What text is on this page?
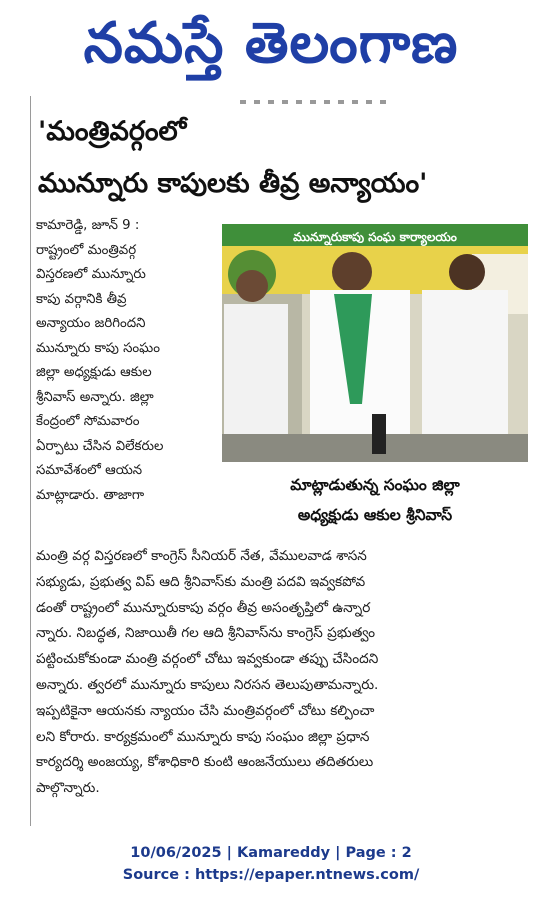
నమస్తే తెలంగాణ
'మంత్రివర్గంలో
మున్నూరు కాపులకు తీవ్ర అన్యాయం'
కామారెడ్డి, జూన్ 9 :
రాష్ట్రంలో మంత్రివర్గ
విస్తరణలో మున్నూరు
కాపు వర్గానికి తీవ్ర
అన్యాయం జరిగిందని
మున్నూరు కాపు సంఘం
జిల్లా అధ్యక్షుడు ఆకుల
శ్రీనివాస్ అన్నారు. జిల్లా
కేంద్రంలో సోమవారం
ఏర్పాటు చేసిన విలేకరుల
సమావేశంలో ఆయన
మాట్లాడారు. తాజాగా
మున్నూరుకాపు సంఘ కార్యాలయం
మాట్లాడుతున్న సంఘం జిల్లా
అధ్యక్షుడు ఆకుల శ్రీనివాస్
మంత్రి వర్గ విస్తరణలో కాంగ్రెస్ సీనియర్ నేత, వేములవాడ శాసన
సభ్యుడు, ప్రభుత్వ విప్ ఆది శ్రీనివాస్‌కు మంత్రి పదవి ఇవ్వకపోవ
డంతో రాష్ట్రంలో మున్నూరుకాపు వర్గం తీవ్ర అసంతృప్తిలో ఉన్నార
న్నారు. నిబద్ధత, నిజాయితీ గల ఆది శ్రీనివాస్‌ను కాంగ్రెస్ ప్రభుత్వం
పట్టించుకోకుండా మంత్రి వర్గంలో చోటు ఇవ్వకుండా తప్పు చేసిందని
అన్నారు. త్వరలో మున్నూరు కాపులు నిరసన తెలుపుతామన్నారు.
ఇప్పటికైనా ఆయనకు న్యాయం చేసి మంత్రివర్గంలో చోటు కల్పించా
లని కోరారు. కార్యక్రమంలో మున్నూరు కాపు సంఘం జిల్లా ప్రధాన
కార్యదర్శి అంజయ్య, కోశాధికారి కుంటి ఆంజనేయులు తదితరులు
పాల్గొన్నారు.
10/06/2025 | Kamareddy | Page : 2
Source : https://epaper.ntnews.com/
